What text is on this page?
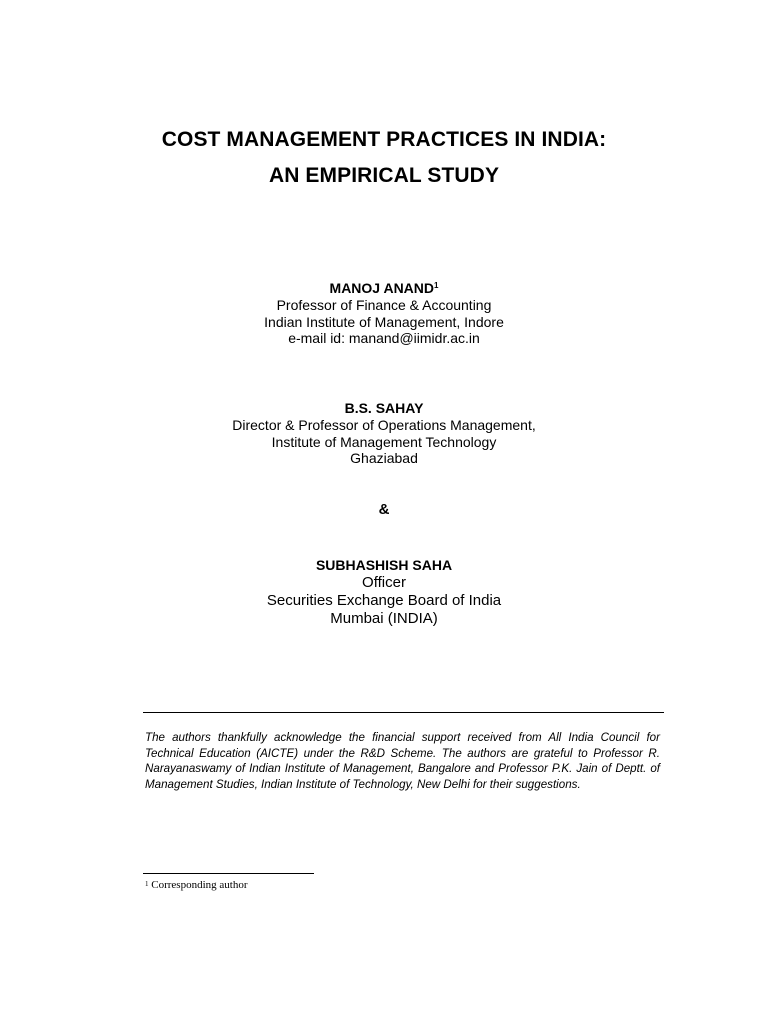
COST MANAGEMENT PRACTICES IN INDIA:
AN EMPIRICAL STUDY
MANOJ ANAND$^1$
Professor of Finance & Accounting
Indian Institute of Management, Indore
e-mail id: manand@iimidr.ac.in
B.S. SAHAY
Director & Professor of Operations Management,
Institute of Management Technology
Ghaziabad
&
SUBHASHISH SAHA
Officer
Securities Exchange Board of India
Mumbai (INDIA)
The authors thankfully acknowledge the financial support received from All India Council for Technical Education (AICTE) under the R&D Scheme. The authors are grateful to Professor R. Narayanaswamy of Indian Institute of Management, Bangalore and Professor P.K. Jain of Deptt. of Management Studies, Indian Institute of Technology, New Delhi for their suggestions.
$^1$ Corresponding author
